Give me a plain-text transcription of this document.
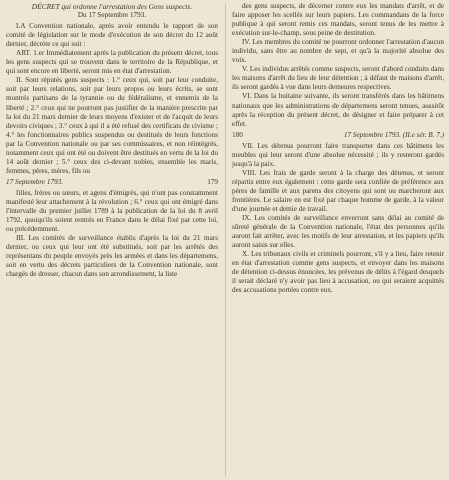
DÉCRET qui ordonne l'arrestation des Gens suspects.

Du 17 Septembre 1793.

LA Convention nationale, après avoir entendu le rapport de son comité de législation sur le mode d'exécution de son décret du 12 août dernier, décrète ce qui suit :

ART. 1.er Immédiatement après la publication du présent décret, tous les gens suspects qui se trouvent dans le territoire de la République, et qui sont encore en liberté, seront mis en état d'arrestation.

II. Sont réputés gens suspects : 1.° ceux qui, soit par leur conduite, soit par leurs relations, soit par leurs propos ou leurs écrits, se sont montrés partisans de la tyrannie ou du fédéralisme, et ennemis de la liberté ; 2.° ceux qui ne pourront pas justifier de la manière prescrite par la loi du 21 mars dernier de leurs moyens d'exister et de l'acquit de leurs devoirs civiques ; 3.° ceux à qui il a été refusé des certificats de civisme ; 4.° les fonctionnaires publics suspendus ou destitués de leurs fonctions par la Convention nationale ou par ses commissaires, et non réintégrés, notamment ceux qui ont été ou doivent être destitués en vertu de la loi du 14 août dernier ; 5.° ceux des ci-devant nobles, ensemble les maris, femmes, pères, mères, fils ou

17 Septembre 1793.	179

filles, frères ou sœurs, et agens d'émigrés, qui n'ont pas constamment manifesté leur attachement à la révolution ; 6.° ceux qui ont émigré dans l'intervalle du premier juillet 1789 à la publication de la loi du 8 avril 1792, quoiqu'ils soient rentrés en France dans le délai fixé par cette loi, ou précédemment.

III. Les comités de surveillance établis d'après la loi du 21 mars dernier, ou ceux qui leur ont été substitués, soit par les arrêtés des représentans du peuple envoyés près les armées et dans les départemens, soit en vertu des décrets particuliers de la Convention nationale, sont chargés de dresser, chacun dans son arrondissement, la liste

des gens suspects, de décerner contre eux les mandats d'arrêt, et de faire apposer les scellés sur leurs papiers. Les commandans de la force publique à qui seront remis ces mandats, seront tenus de les mettre à exécution sur-le-champ, sous peine de destitution.

IV. Les membres du comité ne pourront ordonner l'arrestation d'aucun individu, sans être au nombre de sept, et qu'à la majorité absolue des voix.

V. Les individus arrêtés comme suspects, seront d'abord conduits dans les maisons d'arrêt du lieu de leur détention ; à défaut de maisons d'arrêt, ils seront gardés à vue dans leurs demeures respectives.

VI. Dans la huitaine suivante, ils seront transférés dans les bâtimens nationaux que les administrations de départemens seront tenues, aussitôt après la réception du présent décret, de désigner et faire préparer à cet effet.

180	17 Septembre 1793. (II.e sér. B. 7.)

VII. Les détenus pourront faire transporter dans ces bâtimens les meubles qui leur seront d'une absolue nécessité ; ils y resteront gardés jusqu'à la paix.

VIII. Les frais de garde seront à la charge des détenus, et seront répartis entre eux également : cette garde sera confiée de préférence aux pères de famille et aux parens des citoyens qui sont ou marcheront aux frontières. Le salaire en est fixé par chaque homme de garde, à la valeur d'une journée et demie de travail.

IX. Les comités de surveillance enverront sans délai au comité de sûreté générale de la Convention nationale, l'état des personnes qu'ils auront fait arrêter, avec les motifs de leur arrestation, et les papiers qu'ils auront saisis sur elles.

X. Les tribunaux civils et criminels pourront, s'il y a lieu, faire retenir en état d'arrestation comme gens suspects, et envoyer dans les maisons de détention ci-dessus énoncées, les prévenus de délits à l'égard desquels il serait déclaré n'y avoir pas lieu à accusation, ou qui seraient acquittés des accusations portées contre eux.
